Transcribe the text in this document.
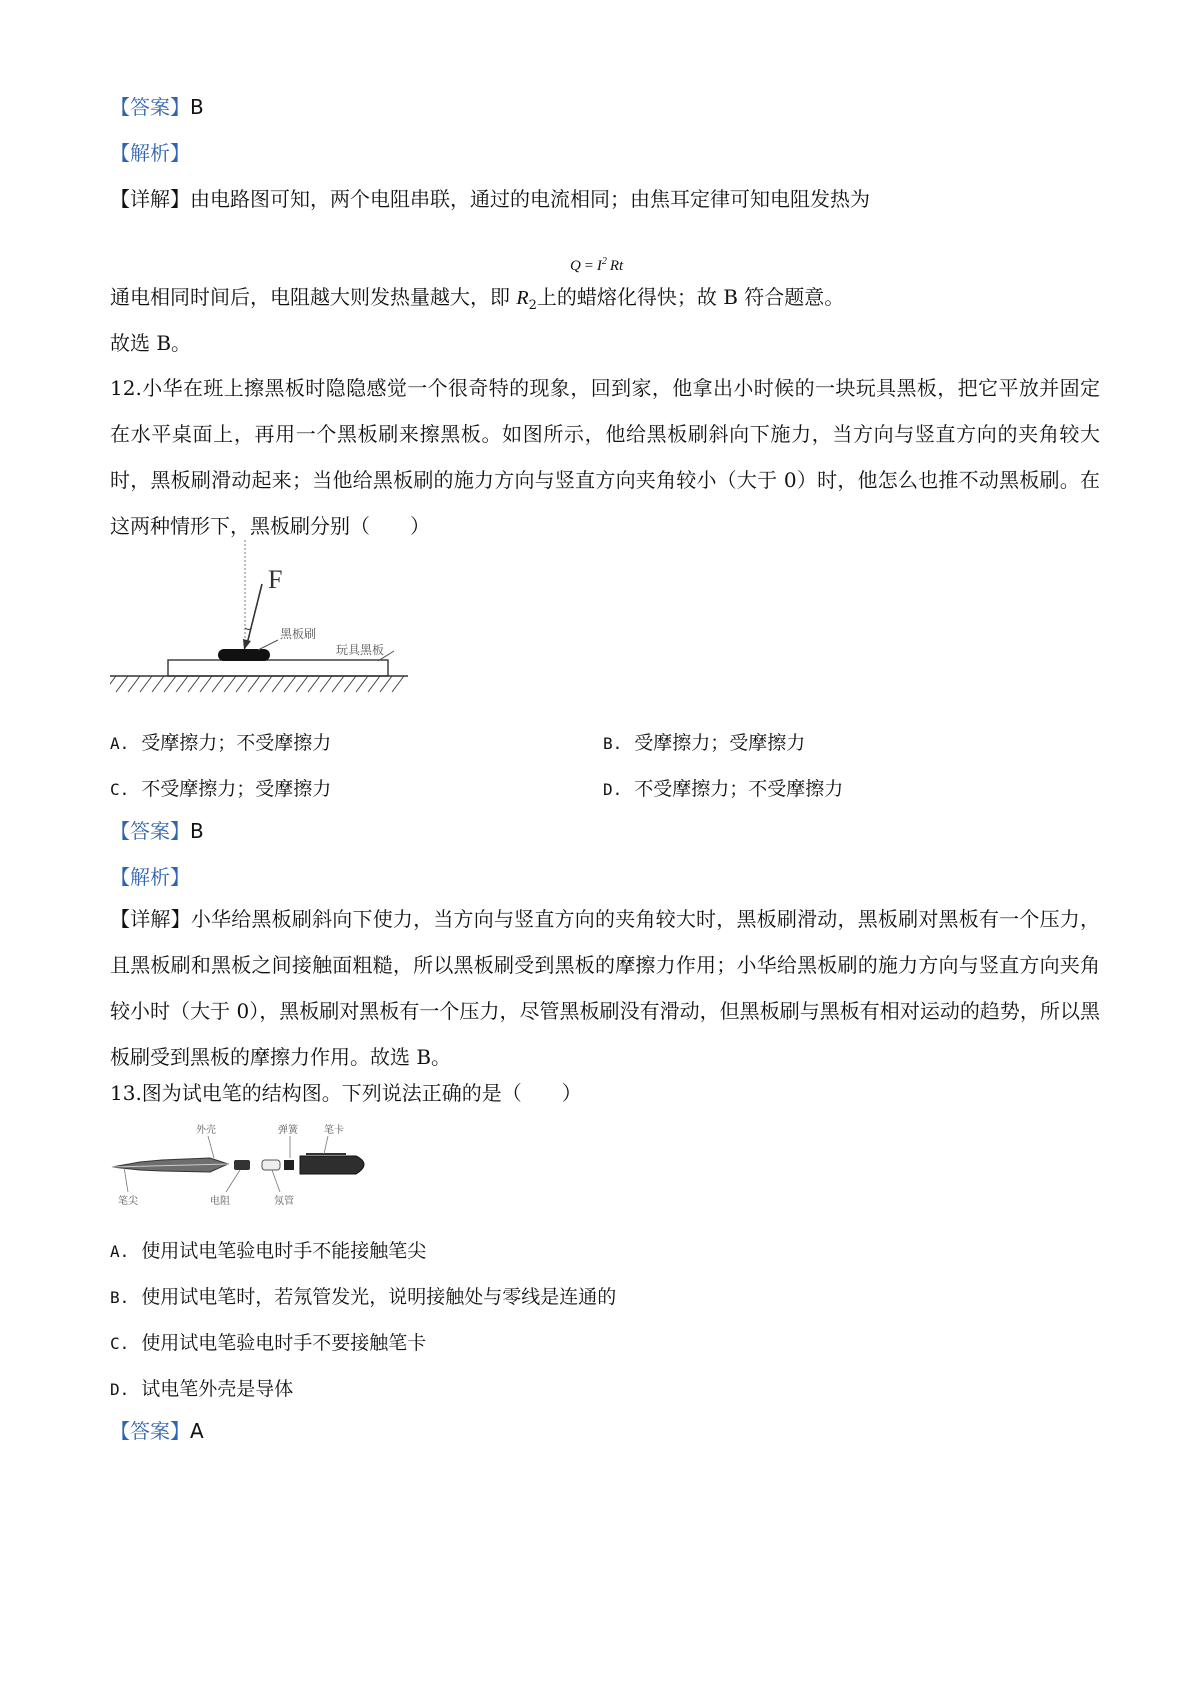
【答案】B
【解析】
【详解】由电路图可知，两个电阻串联，通过的电流相同；由焦耳定律可知电阻发热为
$Q = I^2$ Rt
通电相同时间后，电阻越大则发热量越大，即 $R_2$上的蜡熔化得快；故 B 符合题意。
故选 B。
12.小华在班上擦黑板时隐隐感觉一个很奇特的现象，回到家，他拿出小时候的一块玩具黑板，把它平放并固定在水平桌面上，再用一个黑板刷来擦黑板。如图所示，他给黑板刷斜向下施力，当方向与竖直方向的夹角较大时，黑板刷滑动起来；当他给黑板刷的施力方向与竖直方向夹角较小（大于 0）时，他怎么也推不动黑板刷。在这两种情形下，黑板刷分别（　　）
F
黑板刷
玩具黑板
A. 受摩擦力；不受摩擦力	B. 受摩擦力；受摩擦力
C. 不受摩擦力；受摩擦力	D. 不受摩擦力；不受摩擦力
【答案】B
【解析】
【详解】小华给黑板刷斜向下使力，当方向与竖直方向的夹角较大时，黑板刷滑动，黑板刷对黑板有一个压力，且黑板刷和黑板之间接触面粗糙，所以黑板刷受到黑板的摩擦力作用；小华给黑板刷的施力方向与竖直方向夹角较小时（大于 0），黑板刷对黑板有一个压力，尽管黑板刷没有滑动，但黑板刷与黑板有相对运动的趋势，所以黑板刷受到黑板的摩擦力作用。故选 B。
13.图为试电笔的结构图。下列说法正确的是（　　）
外壳	弹簧	笔卡
笔尖	电阻	氖管
A. 使用试电笔验电时手不能接触笔尖
B. 使用试电笔时，若氖管发光，说明接触处与零线是连通的
C. 使用试电笔验电时手不要接触笔卡
D. 试电笔外壳是导体
【答案】A
